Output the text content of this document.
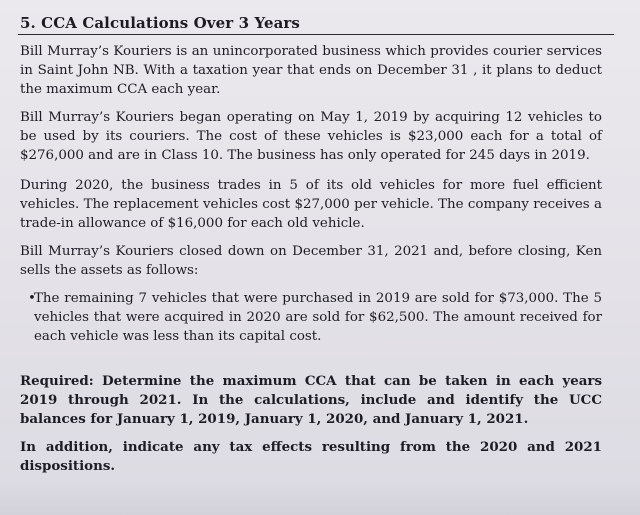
5. CCA Calculations Over 3 Years
Bill Murray’s Kouriers is an unincorporated business which provides courier services in Saint John NB. With a taxation year that ends on December 31 , it plans to deduct the maximum CCA each year.
Bill Murray’s Kouriers began operating on May 1, 2019 by acquiring 12 vehicles to be used by its couriers. The cost of these vehicles is $23,000 each for a total of $276,000 and are in Class 10. The business has only operated for 245 days in 2019.
During 2020, the business trades in 5 of its old vehicles for more fuel efficient vehicles. The replacement vehicles cost $27,000 per vehicle. The company receives a trade-in allowance of $16,000 for each old vehicle.
Bill Murray’s Kouriers closed down on December 31, 2021 and, before closing, Ken sells the assets as follows:
•
The remaining 7 vehicles that were purchased in 2019 are sold for $73,000. The 5 vehicles that were acquired in 2020 are sold for $62,500. The amount received for each vehicle was less than its capital cost.
Required: Determine the maximum CCA that can be taken in each years 2019 through 2021. In the calculations, include and identify the UCC balances for January 1, 2019, January 1, 2020, and January 1, 2021.
In addition, indicate any tax effects resulting from the 2020 and 2021 dispositions.
